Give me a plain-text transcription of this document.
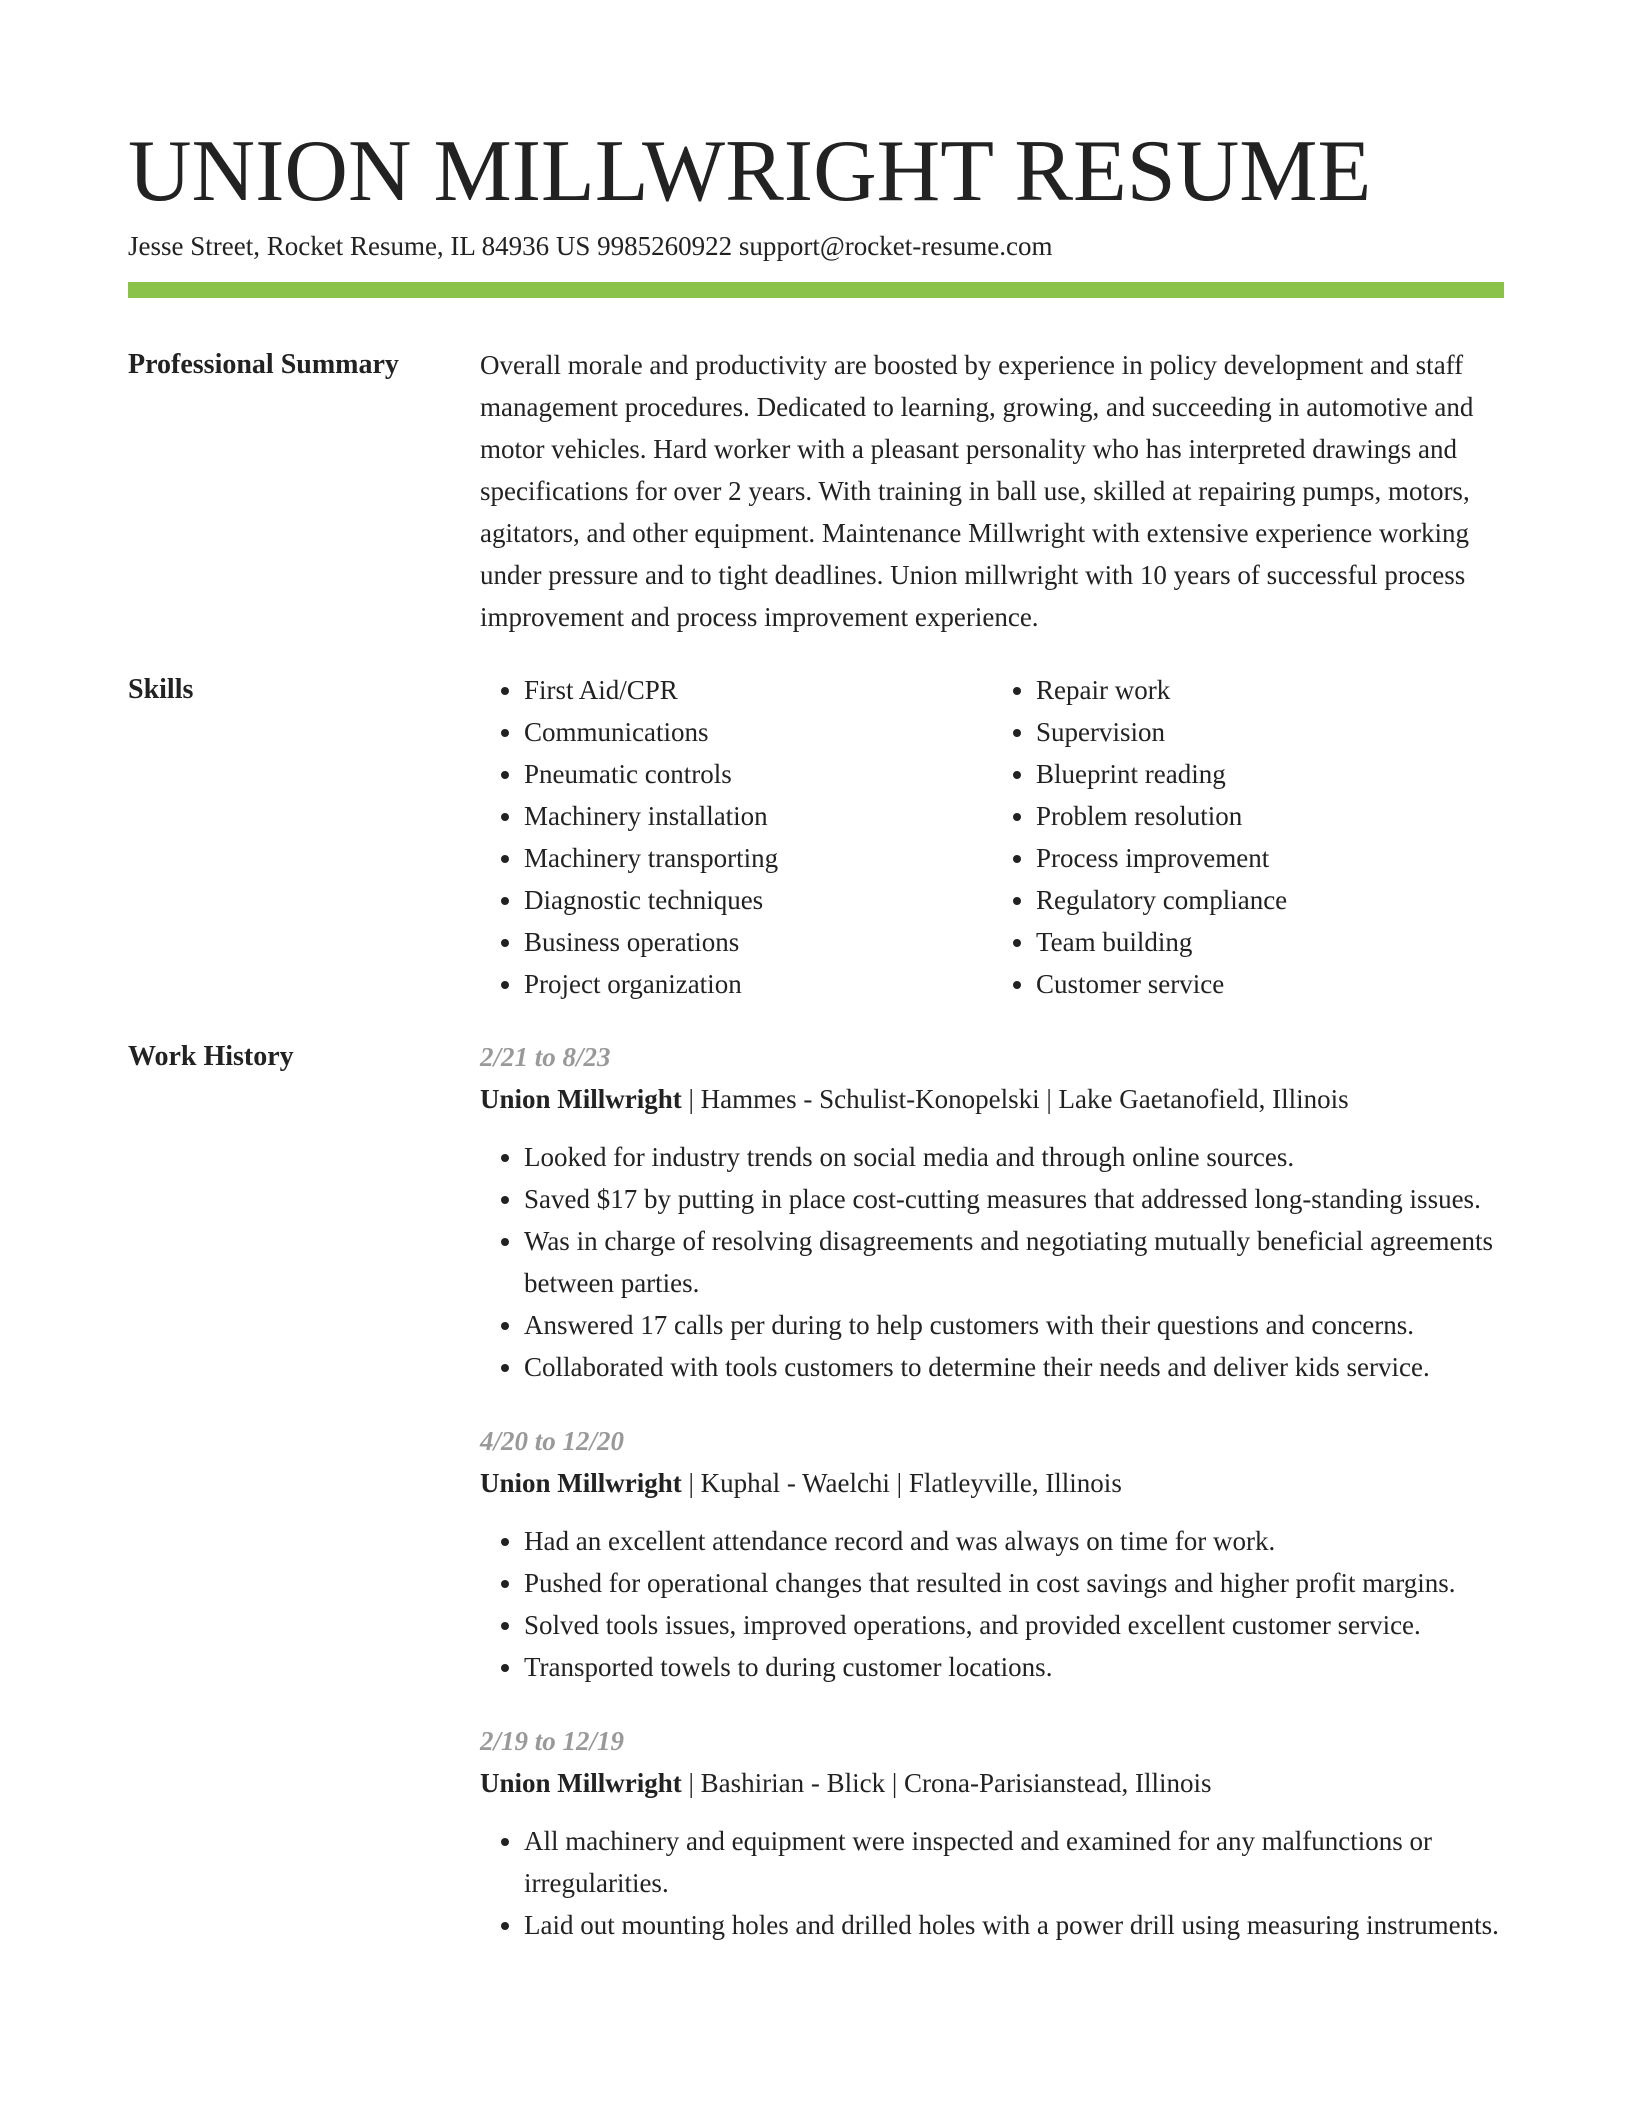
UNION MILLWRIGHT RESUME
Jesse Street, Rocket Resume, IL 84936 US 9985260922 support@rocket-resume.com
Professional Summary	Overall morale and productivity are boosted by experience in policy development and staff management procedures. Dedicated to learning, growing, and succeeding in automotive and motor vehicles. Hard worker with a pleasant personality who has interpreted drawings and specifications for over 2 years. With training in ball use, skilled at repairing pumps, motors, agitators, and other equipment. Maintenance Millwright with extensive experience working under pressure and to tight deadlines. Union millwright with 10 years of successful process improvement and process improvement experience.
Skills
•	First Aid/CPR
• Communications
• Pneumatic controls
• Machinery installation
• Machinery transporting
• Diagnostic techniques
• Business operations
• Project organization
• Repair work
• Supervision
• Blueprint reading
• Problem resolution
• Process improvement
• Regulatory compliance
• Team building
• Customer service
Work History	2/21 to 8/23
Union Millwright | Hammes - Schulist-Konopelski | Lake Gaetanofield, Illinois
• Looked for industry trends on social media and through online sources.
• Saved $17 by putting in place cost-cutting measures that addressed long-standing issues.
• Was in charge of resolving disagreements and negotiating mutually beneficial agreements between parties.
• Answered 17 calls per during to help customers with their questions and concerns.
• Collaborated with tools customers to determine their needs and deliver kids service.
4/20 to 12/20
Union Millwright | Kuphal - Waelchi | Flatleyville, Illinois
• Had an excellent attendance record and was always on time for work.
• Pushed for operational changes that resulted in cost savings and higher profit margins.
• Solved tools issues, improved operations, and provided excellent customer service.
• Transported towels to during customer locations.
2/19 to 12/19
Union Millwright | Bashirian - Blick | Crona-Parisianstead, Illinois
• All machinery and equipment were inspected and examined for any malfunctions or irregularities.
• Laid out mounting holes and drilled holes with a power drill using measuring instruments.
